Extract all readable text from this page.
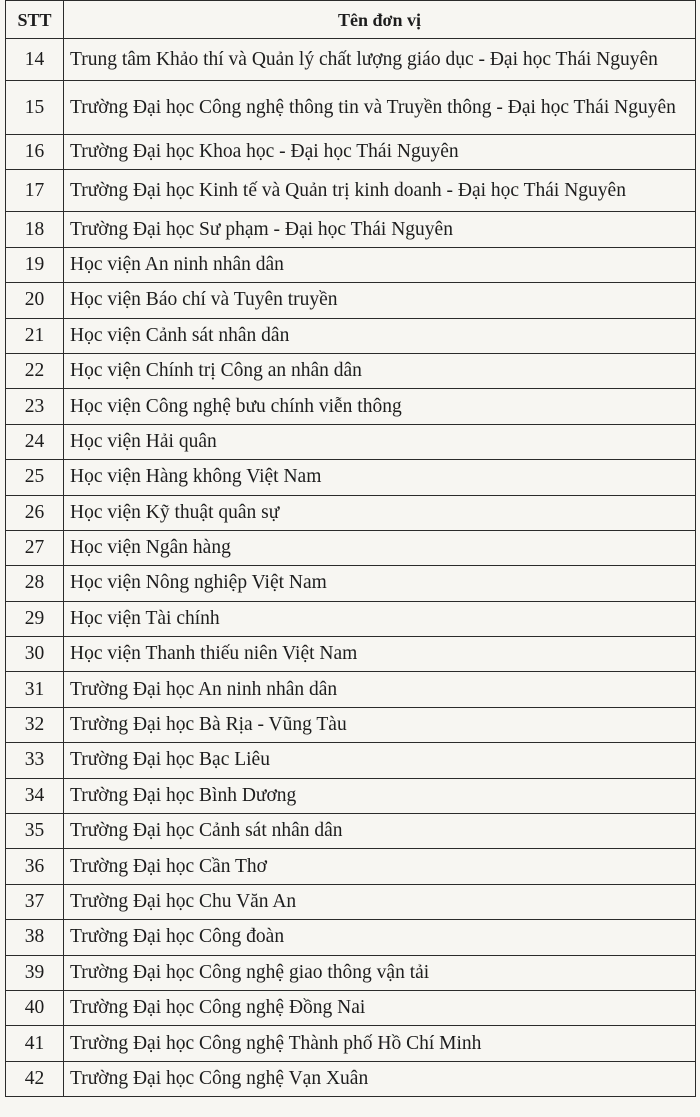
STT	Tên đơn vị
14	Trung tâm Khảo thí và Quản lý chất lượng giáo dục - Đại học Thái Nguyên
15	Trường Đại học Công nghệ thông tin và Truyền thông - Đại học Thái Nguyên
16	Trường Đại học Khoa học - Đại học Thái Nguyên
17	Trường Đại học Kinh tế và Quản trị kinh doanh - Đại học Thái Nguyên
18	Trường Đại học Sư phạm - Đại học Thái Nguyên
19	Học viện An ninh nhân dân
20	Học viện Báo chí và Tuyên truyền
21	Học viện Cảnh sát nhân dân
22	Học viện Chính trị Công an nhân dân
23	Học viện Công nghệ bưu chính viễn thông
24	Học viện Hải quân
25	Học viện Hàng không Việt Nam
26	Học viện Kỹ thuật quân sự
27	Học viện Ngân hàng
28	Học viện Nông nghiệp Việt Nam
29	Học viện Tài chính
30	Học viện Thanh thiếu niên Việt Nam
31	Trường Đại học An ninh nhân dân
32	Trường Đại học Bà Rịa - Vũng Tàu
33	Trường Đại học Bạc Liêu
34	Trường Đại học Bình Dương
35	Trường Đại học Cảnh sát nhân dân
36	Trường Đại học Cần Thơ
37	Trường Đại học Chu Văn An
38	Trường Đại học Công đoàn
39	Trường Đại học Công nghệ giao thông vận tải
40	Trường Đại học Công nghệ Đồng Nai
41	Trường Đại học Công nghệ Thành phố Hồ Chí Minh
42	Trường Đại học Công nghệ Vạn Xuân
